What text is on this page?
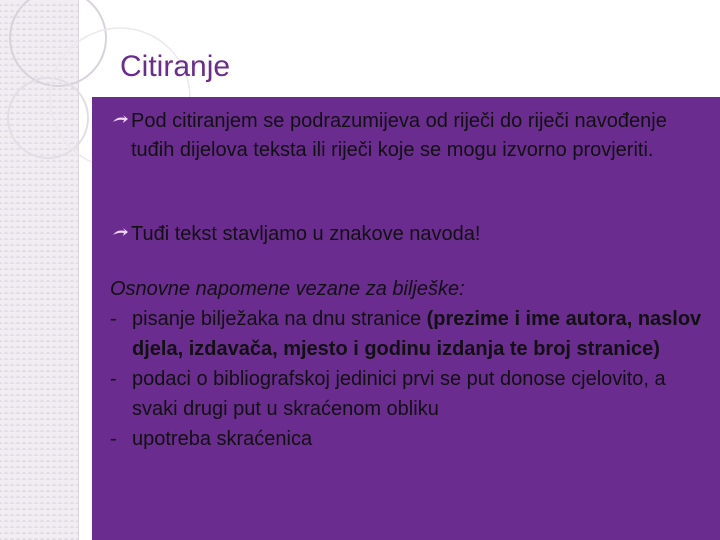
Citiranje
Pod citiranjem se podrazumijeva od riječi do riječi navođenje tuđih dijelova teksta ili riječi koje se mogu izvorno provjeriti.
Tuđi tekst stavljamo u znakove navoda!
Osnovne napomene vezane za bilješke:
- pisanje bilježaka na dnu stranice (prezime i ime autora, naslov djela, izdavača, mjesto i godinu izdanja te broj stranice)
- podaci o bibliografskoj jedinici prvi se put donose cjelovito, a svaki drugi put u skraćenom obliku
- upotreba skraćenica
